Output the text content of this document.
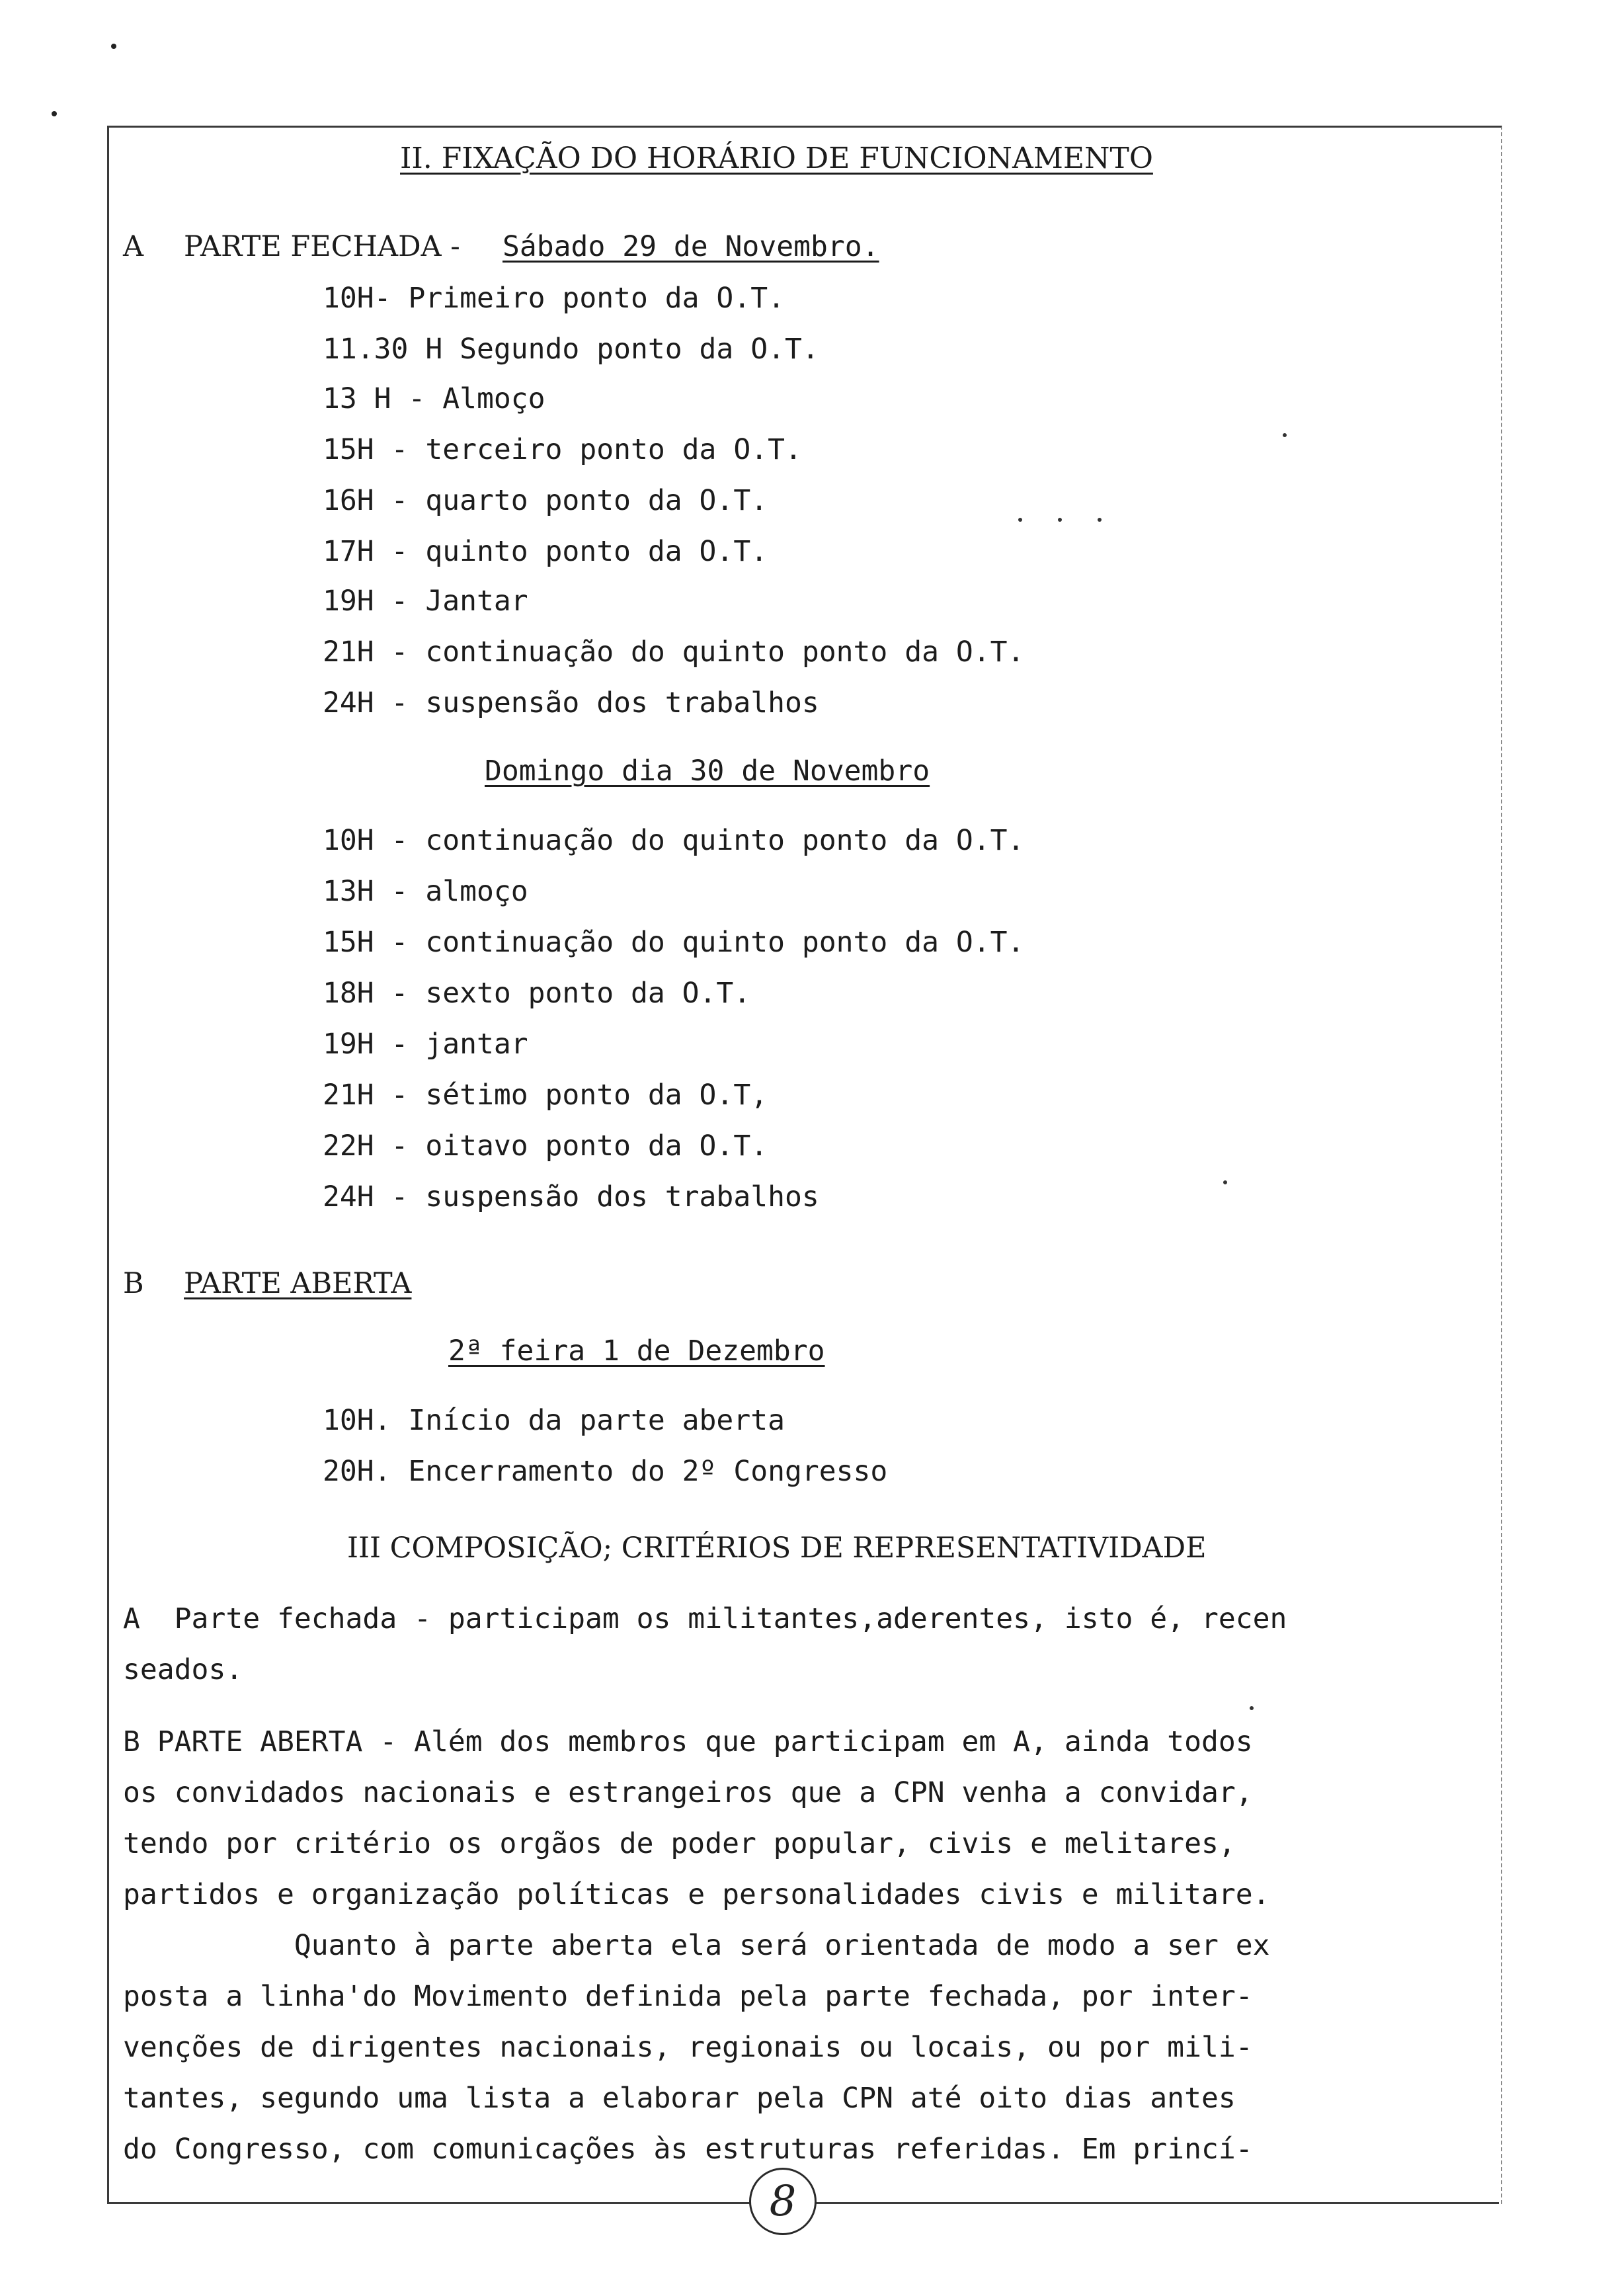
II. FIXAÇÃO DO HORÁRIO DE FUNCIONAMENTO
A PARTE FECHADA - Sábado 29 de Novembro.
10H- Primeiro ponto da O.T.
11.30 H Segundo ponto da O.T.
13 H - Almoço
15H - terceiro ponto da O.T.
16H - quarto ponto da O.T.
17H - quinto ponto da O.T.
19H - Jantar
21H - continuação do quinto ponto da O.T.
24H - suspensão dos trabalhos
Domingo dia 30 de Novembro
10H - continuação do quinto ponto da O.T.
13H - almoço
15H - continuação do quinto ponto da O.T.
18H - sexto ponto da O.T.
19H - jantar
21H - sétimo ponto da O.T,
22H - oitavo ponto da O.T.
24H - suspensão dos trabalhos
B PARTE ABERTA
2ª feira 1 de Dezembro
10H. Início da parte aberta
20H. Encerramento do 2º Congresso
III COMPOSIÇÃO; CRITÉRIOS DE REPRESENTATIVIDADE
A  Parte fechada - participam os militantes,aderentes, isto é, recen
seados.
B PARTE ABERTA - Além dos membros que participam em A, ainda todos
os convidados nacionais e estrangeiros que a CPN venha a convidar,
tendo por critério os orgãos de poder popular, civis e melitares,
partidos e organização políticas e personalidades civis e militare.
Quanto à parte aberta ela será orientada de modo a ser ex
posta a linha'do Movimento definida pela parte fechada, por inter-
venções de dirigentes nacionais, regionais ou locais, ou por mili-
tantes, segundo uma lista a elaborar pela CPN até oito dias antes
do Congresso, com comunicações às estruturas referidas. Em princí-
8
